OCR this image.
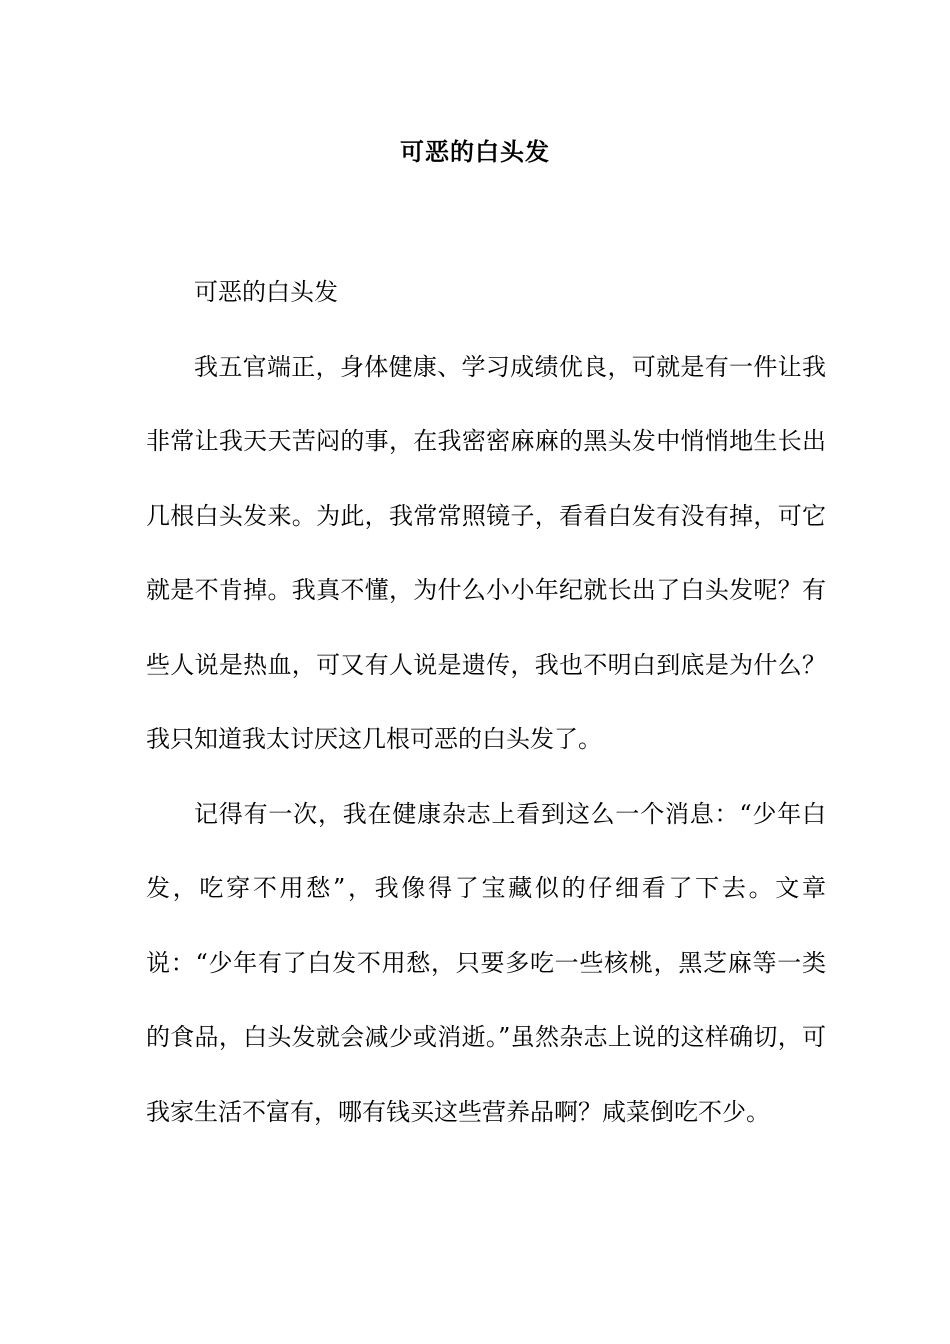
可恶的白头发

可恶的白头发

我五官端正，身体健康、学习成绩优良，可就是有一件让我非常让我天天苦闷的事，在我密密麻麻的黑头发中悄悄地生长出几根白头发来。为此，我常常照镜子，看看白发有没有掉，可它就是不肯掉。我真不懂，为什么小小年纪就长出了白头发呢？有些人说是热血，可又有人说是遗传，我也不明白到底是为什么？我只知道我太讨厌这几根可恶的白头发了。

记得有一次，我在健康杂志上看到这么一个消息：“少年白发，吃穿不用愁”，我像得了宝藏似的仔细看了下去。文章说：“少年有了白发不用愁，只要多吃一些核桃，黑芝麻等一类的食品，白头发就会减少或消逝。”虽然杂志上说的这样确切，可我家生活不富有，哪有钱买这些营养品啊？咸菜倒吃不少。
